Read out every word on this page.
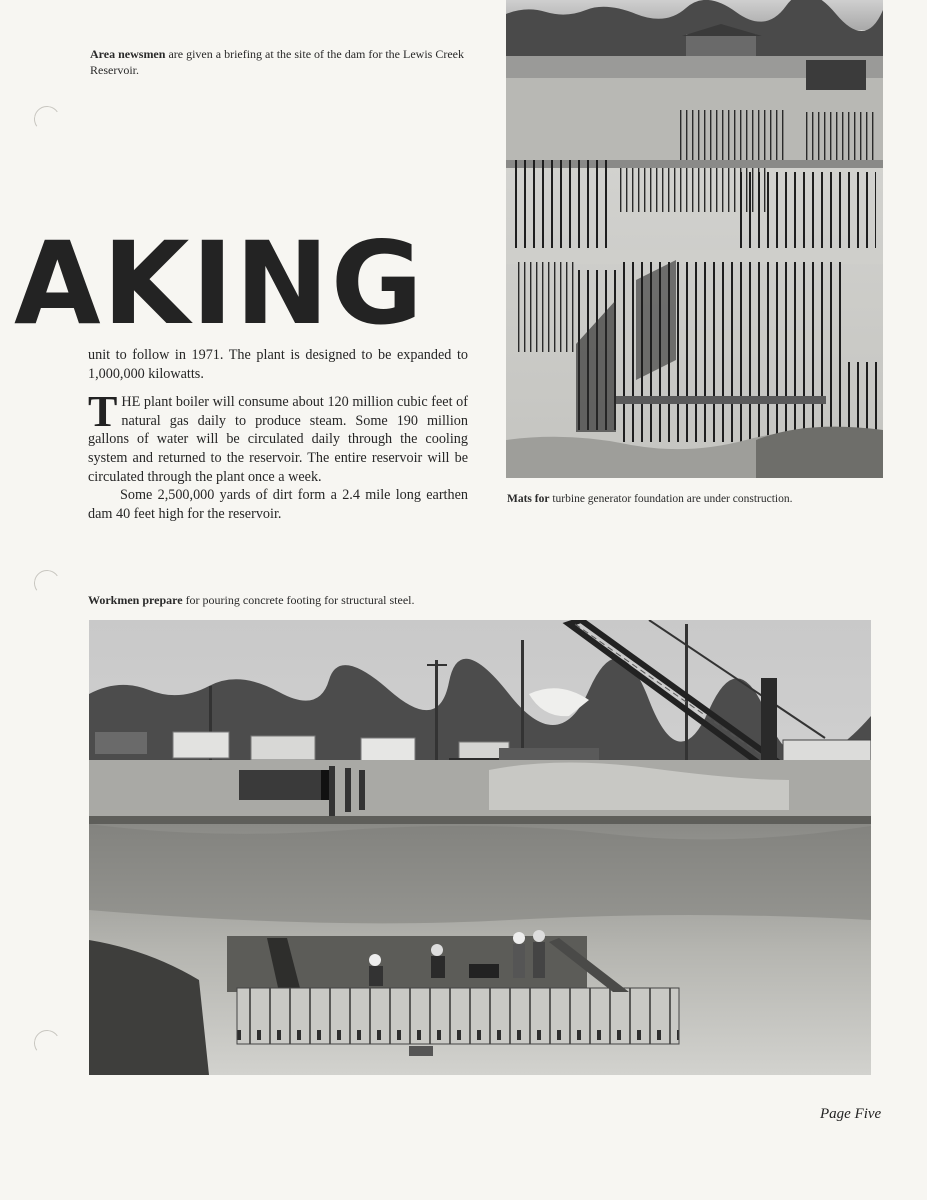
Area newsmen are given a briefing at the site of the dam for the Lewis Creek Reservoir.
AKING

unit to follow in 1971. The plant is designed to be expanded to 1,000,000 kilowatts.

THE plant boiler will consume about 120 million cubic feet of natural gas daily to produce steam. Some 190 million gallons of water will be circulated daily through the cooling system and returned to the reservoir. The entire reservoir will be circulated through the plant once a week.

Some 2,500,000 yards of dirt form a 2.4 mile long earthen dam 40 feet high for the reservoir.

Mats for turbine generator foundation are under construction.
Workmen prepare for pouring concrete footing for structural steel.
Page Five
